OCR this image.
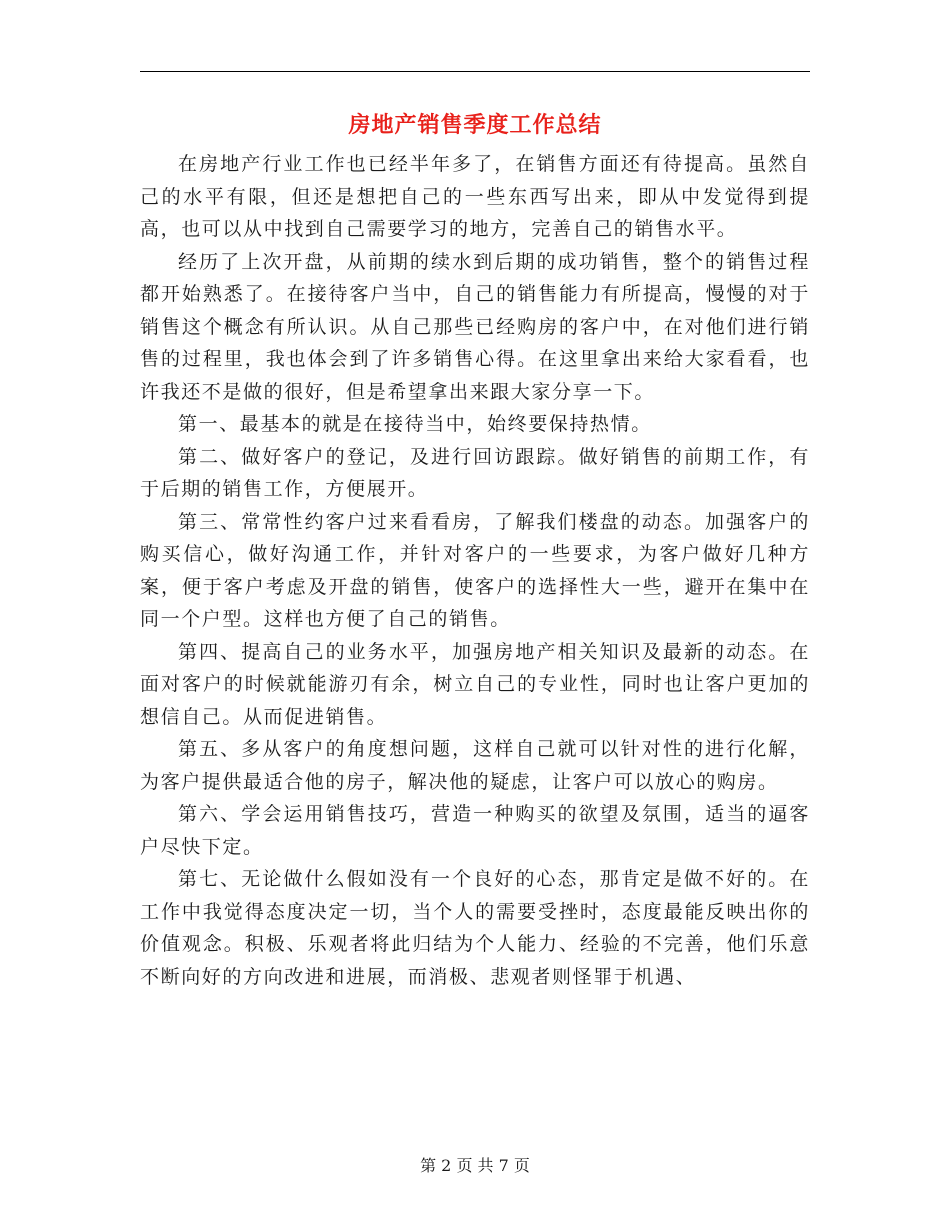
房地产销售季度工作总结

在房地产行业工作也已经半年多了，在销售方面还有待提高。虽然自己的水平有限，但还是想把自己的一些东西写出来，即从中发觉得到提高，也可以从中找到自己需要学习的地方，完善自己的销售水平。

经历了上次开盘，从前期的续水到后期的成功销售，整个的销售过程都开始熟悉了。在接待客户当中，自己的销售能力有所提高，慢慢的对于销售这个概念有所认识。从自己那些已经购房的客户中，在对他们进行销售的过程里，我也体会到了许多销售心得。在这里拿出来给大家看看，也许我还不是做的很好，但是希望拿出来跟大家分享一下。

第一、最基本的就是在接待当中，始终要保持热情。

第二、做好客户的登记，及进行回访跟踪。做好销售的前期工作，有于后期的销售工作，方便展开。

第三、常常性约客户过来看看房，了解我们楼盘的动态。加强客户的购买信心，做好沟通工作，并针对客户的一些要求，为客户做好几种方案，便于客户考虑及开盘的销售，使客户的选择性大一些，避开在集中在同一个户型。这样也方便了自己的销售。

第四、提高自己的业务水平，加强房地产相关知识及最新的动态。在面对客户的时候就能游刃有余，树立自己的专业性，同时也让客户更加的想信自己。从而促进销售。

第五、多从客户的角度想问题，这样自己就可以针对性的进行化解，为客户提供最适合他的房子，解决他的疑虑，让客户可以放心的购房。

第六、学会运用销售技巧，营造一种购买的欲望及氛围，适当的逼客户尽快下定。

第七、无论做什么假如没有一个良好的心态，那肯定是做不好的。在工作中我觉得态度决定一切，当个人的需要受挫时，态度最能反映出你的价值观念。积极、乐观者将此归结为个人能力、经验的不完善，他们乐意不断向好的方向改进和进展，而消极、悲观者则怪罪于机遇、

第 2 页 共 7 页
